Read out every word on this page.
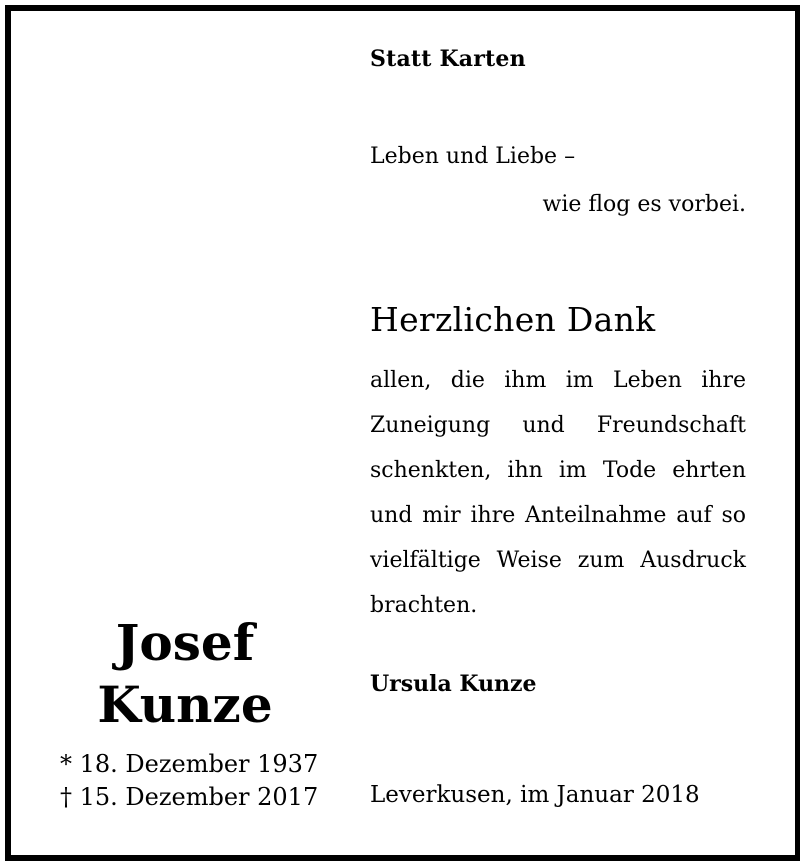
Statt Karten
Leben und Liebe –
wie flog es vorbei.
Herzlichen Dank
allen, die ihm im Leben ihre
Zuneigung und Freundschaft
schenkten, ihn im Tode ehrten
und mir ihre Anteilnahme auf so
vielfältige Weise zum Ausdruck
brachten.
Ursula Kunze
Leverkusen, im Januar 2018
Josef
Kunze
* 18. Dezember 1937
† 15. Dezember 2017
